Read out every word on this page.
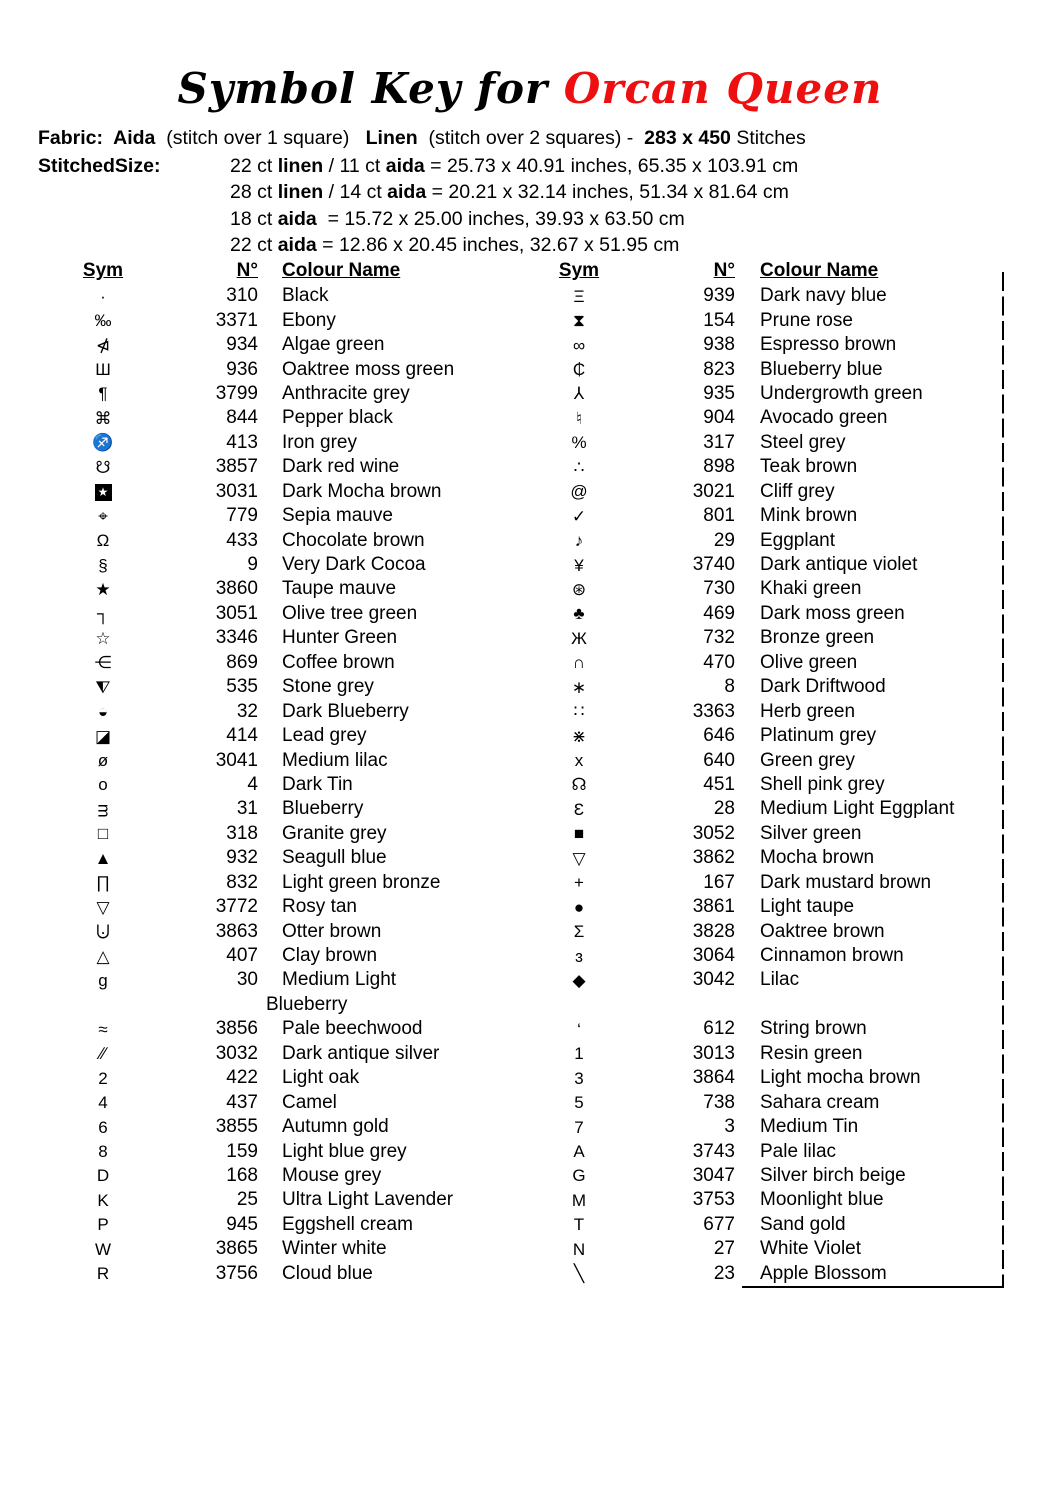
Symbol Key for Orcan Queen
Fabric:  Aida  (stitch over 1 square)   Linen  (stitch over 2 squares) -  283 x 450 Stitches
StitchedSize:	22 ct linen / 11 ct aida = 25.73 x 40.91 inches, 65.35 x 103.91 cm
28 ct linen / 14 ct aida = 20.21 x 32.14 inches, 51.34 x 81.64 cm
18 ct aida  = 15.72 x 25.00 inches, 39.93 x 63.50 cm
22 ct aida = 12.86 x 20.45 inches, 32.67 x 51.95 cm
Sym	N°	Colour Name
·	310	Black
‰	3371	Ebony
⋪	934	Algae green
Ш	936	Oaktree moss green
¶	3799	Anthracite grey
⌘	844	Pepper black
♐	413	Iron grey
☋	3857	Dark red wine
★	3031	Dark Mocha brown
⌖	779	Sepia mauve
Ω	433	Chocolate brown
§	9	Very Dark Cocoa
★	3860	Taupe mauve
┐	3051	Olive tree green
☆	3346	Hunter Green
⋲	869	Coffee brown
⧨	535	Stone grey
◒	32	Dark Blueberry
◪	414	Lead grey
ø	3041	Medium lilac
o	4	Dark Tin
ᴟ	31	Blueberry
□	318	Granite grey
▲	932	Seagull blue
∏	832	Light green bronze
▽	3772	Rosy tan
⨃	3863	Otter brown
△	407	Clay brown
g	30	Medium Light
Blueberry
≈	3856	Pale beechwood
∕∕	3032	Dark antique silver
2	422	Light oak
4	437	Camel
6	3855	Autumn gold
8	159	Light blue grey
D	168	Mouse grey
K	25	Ultra Light Lavender
P	945	Eggshell cream
W	3865	Winter white
R	3756	Cloud blue
Sym	N°	Colour Name
Ξ	939	Dark navy blue
⧗	154	Prune rose
∞	938	Espresso brown
₵	823	Blueberry blue
⅄	935	Undergrowth green
♮	904	Avocado green
%	317	Steel grey
∴	898	Teak brown
@	3021	Cliff grey
✓	801	Mink brown
♪	29	Eggplant
¥	3740	Dark antique violet
⊛	730	Khaki green
♣	469	Dark moss green
Ж	732	Bronze green
∩	470	Olive green
∗	8	Dark Driftwood
∷	3363	Herb green
⋇	646	Platinum grey
x	640	Green grey
☊	451	Shell pink grey
Ɛ	28	Medium Light Eggplant
■	3052	Silver green
▽	3862	Mocha brown
+	167	Dark mustard brown
●	3861	Light taupe
Σ	3828	Oaktree brown
ɜ	3064	Cinnamon brown
◆	3042	Lilac
‘	612	String brown
1	3013	Resin green
3	3864	Light mocha brown
5	738	Sahara cream
7	3	Medium Tin
A	3743	Pale lilac
G	3047	Silver birch beige
M	3753	Moonlight blue
T	677	Sand gold
N	27	White Violet
╲	23	Apple Blossom
